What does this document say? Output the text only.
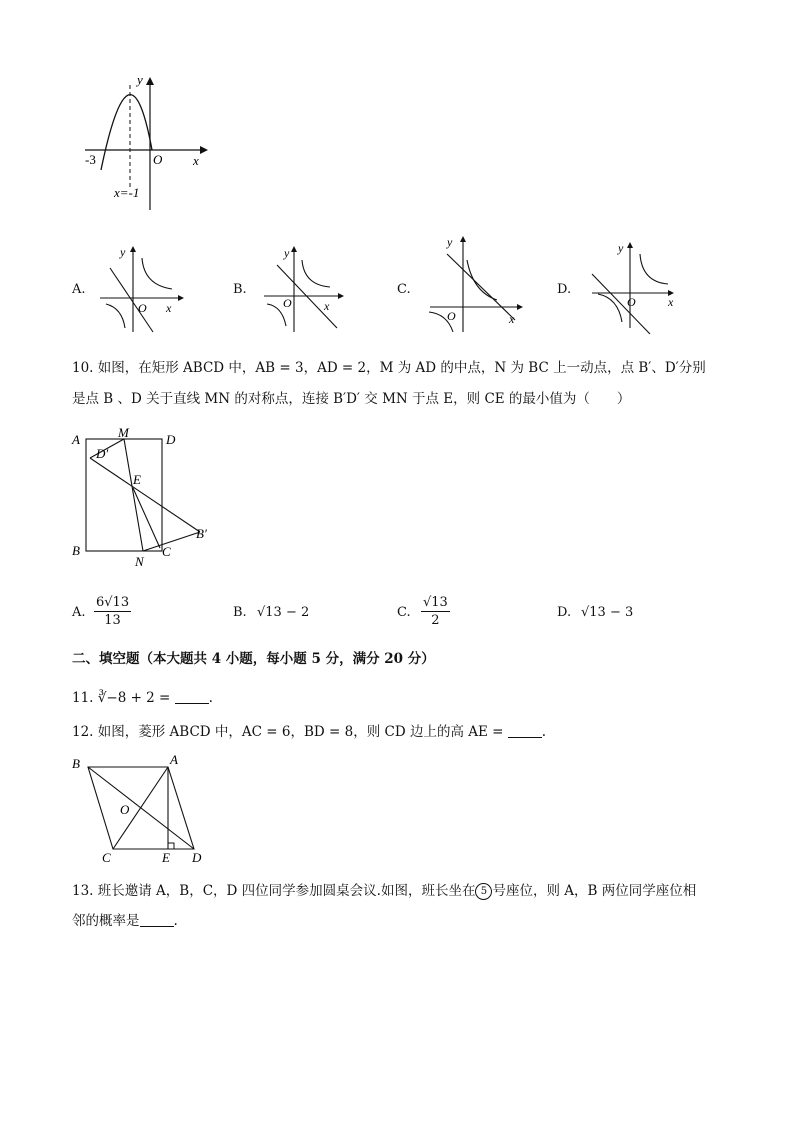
y
O x
-3
x=-1
A.
y
O x
B.
y
O	x
C.
y
O	x
D.
y
O	x
10. 如图，在矩形 ABCD 中，AB = 3，AD = 2，M 为 AD 的中点，N 为 BC 上一动点，点 B′、D′分别
是点 B 、D 关于直线 MN 的对称点，连接 B′D′ 交 MN 于点 E，则 CE 的最小值为（　　）
A	M	D
D′
E
B′
B
N
C
A. $\frac{6√13}{13}$	B. √13 − 2	C. $\frac{√13}{2}$	D. √13 − 3
二、填空题（本大题共 4 小题，每小题 5 分，满分 20 分）
11. ∛−8 + 2 =	.
12. 如图，菱形 ABCD 中，AC = 6，BD = 8，则 CD 边上的高 AE =	.
B	A
O
C	E D
13. 班长邀请 A，B，C，D 四位同学参加圆桌会议.如图，班长坐在 5 号座位，则 A，B 两位同学座位相
邻的概率是	.
